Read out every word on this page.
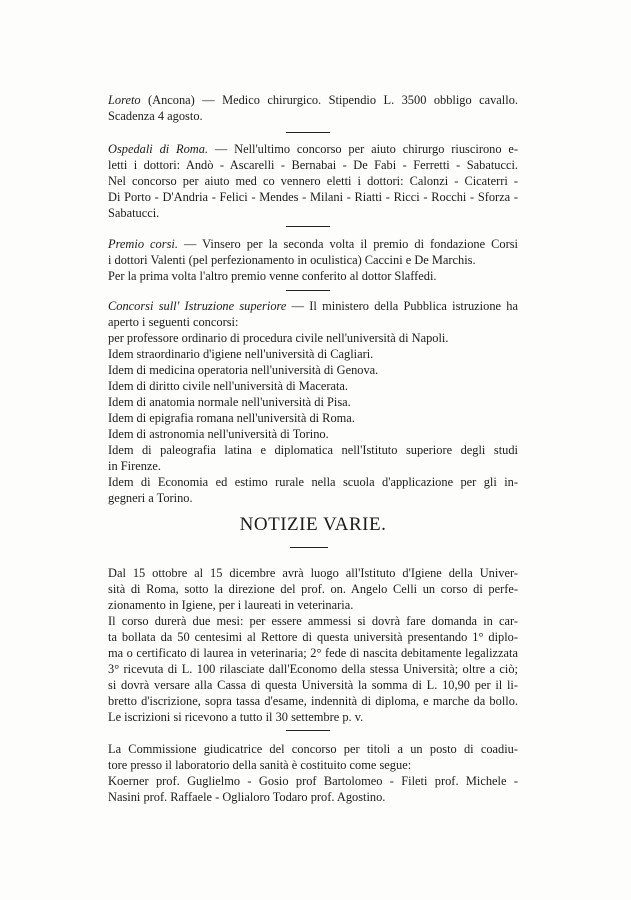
Loreto (Ancona) — Medico chirurgico. Stipendio L. 3500 obbligo cavallo.
Scadenza 4 agosto.
Ospedali di Roma. — Nell'ultimo concorso per aiuto chirurgo riuscirono e-
letti i dottori: Andò - Ascarelli - Bernabai - De Fabi - Ferretti - Sabatucci.
Nel concorso per aiuto med co vennero eletti i dottori: Calonzi - Cicaterri -
Di Porto - D'Andria - Felici - Mendes - Milani - Riatti - Ricci - Rocchi - Sforza -
Sabatucci.
Premio corsi. — Vinsero per la seconda volta il premio di fondazione Corsi
i dottori Valenti (pel perfezionamento in oculistica) Caccini e De Marchis.
Per la prima volta l'altro premio venne conferito al dottor Slaffedi.
Concorsi sull' Istruzione superiore — Il ministero della Pubblica istruzione ha
aperto i seguenti concorsi:
per professore ordinario di procedura civile nell'università di Napoli.
Idem straordinario d'igiene nell'università di Cagliari.
Idem di medicina operatoria nell'università di Genova.
Idem di diritto civile nell'università di Macerata.
Idem di anatomia normale nell'università di Pisa.
Idem di epigrafia romana nell'università di Roma.
Idem di astronomia nell'università di Torino.
Idem di paleografia latina e diplomatica nell'Istituto superiore degli studi
in Firenze.
Idem di Economia ed estimo rurale nella scuola d'applicazione per gli in-
gegneri a Torino.
NOTIZIE VARIE.
Dal 15 ottobre al 15 dicembre avrà luogo all'Istituto d'Igiene della Univer-
sità di Roma, sotto la direzione del prof. on. Angelo Celli un corso di perfe-
zionamento in Igiene, per i laureati in veterinaria.
Il corso durerà due mesi: per essere ammessi si dovrà fare domanda in car-
ta bollata da 50 centesimi al Rettore di questa università presentando 1° diplo-
ma o certificato di laurea in veterinaria; 2° fede di nascita debitamente legalizzata
3° ricevuta di L. 100 rilasciate dall'Economo della stessa Università; oltre a ciò;
si dovrà versare alla Cassa di questa Università la somma di L. 10,90 per il li-
bretto d'iscrizione, sopra tassa d'esame, indennità di diploma, e marche da bollo.
Le iscrizioni si ricevono a tutto il 30 settembre p. v.
La Commissione giudicatrice del concorso per titoli a un posto di coadiu-
tore presso il laboratorio della sanità è costituito come segue:
Koerner prof. Guglielmo - Gosio prof Bartolomeo - Fileti prof. Michele -
Nasini prof. Raffaele - Oglialoro Todaro prof. Agostino.
